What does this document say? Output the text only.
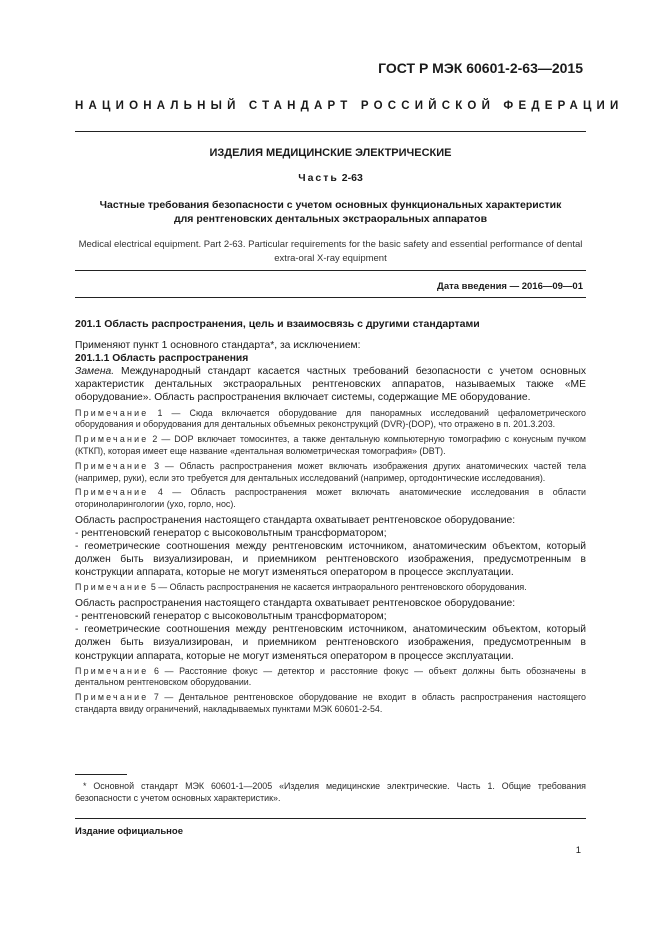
ГОСТ Р МЭК 60601-2-63—2015
НАЦИОНАЛЬНЫЙ СТАНДАРТ РОССИЙСКОЙ ФЕДЕРАЦИИ
ИЗДЕЛИЯ МЕДИЦИНСКИЕ ЭЛЕКТРИЧЕСКИЕ
Часть 2-63
Частные требования безопасности с учетом основных функциональных характеристик
для рентгеновских дентальных экстраоральных аппаратов
Medical electrical equipment. Part 2-63. Particular requirements for the basic safety and essential performance of dental
extra-oral X-ray equipment
Дата введения — 2016—09—01

201.1 Область распространения, цель и взаимосвязь с другими стандартами

Применяют пункт 1 основного стандарта*, за исключением:

201.1.1 Область распространения

Замена. Международный стандарт касается частных требований безопасности с учетом основных характеристик дентальных экстраоральных рентгеновских аппаратов, называемых также «МЕ оборудование». Область распространения включает системы, содержащие МЕ оборудование.

Примечание 1 — Сюда включается оборудование для панорамных исследований цефалометрического оборудования и оборудования для дентальных объемных реконструкций (DVR)-(DOP), что отражено в п. 201.3.203.

Примечание 2 — DOP включает томосинтез, а также дентальную компьютерную томографию с конусным пучком (КТКП), которая имеет еще название «дентальная волюметрическая томография» (DBT).

Примечание 3 — Область распространения может включать изображения других анатомических частей тела (например, руки), если это требуется для дентальных исследований (например, ортодонтические исследования).

Примечание 4 — Область распространения может включать анатомические исследования в области оториноларингологии (ухо, горло, нос).

Область распространения настоящего стандарта охватывает рентгеновское оборудование:

- рентгеновский генератор с высоковольтным трансформатором;

- геометрические соотношения между рентгеновским источником, анатомическим объектом, который должен быть визуализирован, и приемником рентгеновского изображения, предусмотренным в конструкции аппарата, которые не могут изменяться оператором в процессе эксплуатации.

Примечание 5 — Область распространения не касается интраорального рентгеновского оборудования.

Область распространения настоящего стандарта охватывает рентгеновское оборудование:

- рентгеновский генератор с высоковольтным трансформатором;

- геометрические соотношения между рентгеновским источником, анатомическим объектом, который должен быть визуализирован, и приемником рентгеновского изображения, предусмотренным в конструкции аппарата, которые не могут изменяться оператором в процессе эксплуатации.

Примечание 6 — Расстояние фокус — детектор и расстояние фокус — объект должны быть обозначены в дентальном рентгеновском оборудовании.

Примечание 7 — Дентальное рентгеновское оборудование не входит в область распространения настоящего стандарта ввиду ограничений, накладываемых пунктами МЭК 60601-2-54.

* Основной стандарт МЭК 60601-1—2005 «Изделия медицинские электрические. Часть 1. Общие требования безопасности с учетом основных характеристик».
Издание официальное
1
